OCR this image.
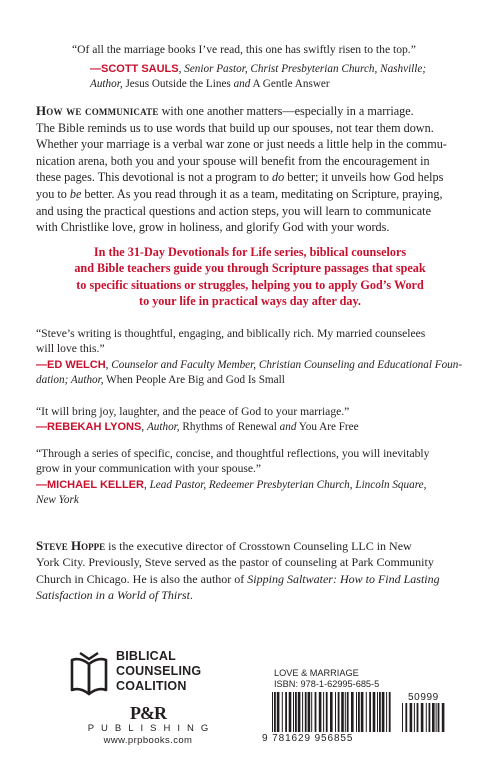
“Of all the marriage books I’ve read, this one has swiftly risen to the top.”
—SCOTT SAULS, Senior Pastor, Christ Presbyterian Church, Nashville;
Author, Jesus Outside the Lines and A Gentle Answer
How we communicate with one another matters—especially in a marriage.
The Bible reminds us to use words that build up our spouses, not tear them down.
Whether your marriage is a verbal war zone or just needs a little help in the commu-
nication arena, both you and your spouse will benefit from the encouragement in
these pages. This devotional is not a program to do better; it unveils how God helps
you to be better. As you read through it as a team, meditating on Scripture, praying,
and using the practical questions and action steps, you will learn to communicate
with Christlike love, grow in holiness, and glorify God with your words.
In the 31-Day Devotionals for Life series, biblical counselors
and Bible teachers guide you through Scripture passages that speak
to specific situations or struggles, helping you to apply God’s Word
to your life in practical ways day after day.
“Steve’s writing is thoughtful, engaging, and biblically rich. My married counselees
will love this.”
—ED WELCH, Counselor and Faculty Member, Christian Counseling and Educational Foun-
dation; Author, When People Are Big and God Is Small
“It will bring joy, laughter, and the peace of God to your marriage.”
—REBEKAH LYONS, Author, Rhythms of Renewal and You Are Free
“Through a series of specific, concise, and thoughtful reflections, you will inevitably
grow in your communication with your spouse.”
—MICHAEL KELLER, Lead Pastor, Redeemer Presbyterian Church, Lincoln Square,
New York
Steve Hoppe is the executive director of Crosstown Counseling LLC in New
York City. Previously, Steve served as the pastor of counseling at Park Community
Church in Chicago. He is also the author of Sipping Saltwater: How to Find Lasting
Satisfaction in a World of Thirst.
BIBLICAL
COUNSELING
COALITION
P&R
PUBLISHING
www.prpbooks.com
LOVE & MARRIAGE
ISBN: 978-1-62995-685-5
50999
9 781629 956855
